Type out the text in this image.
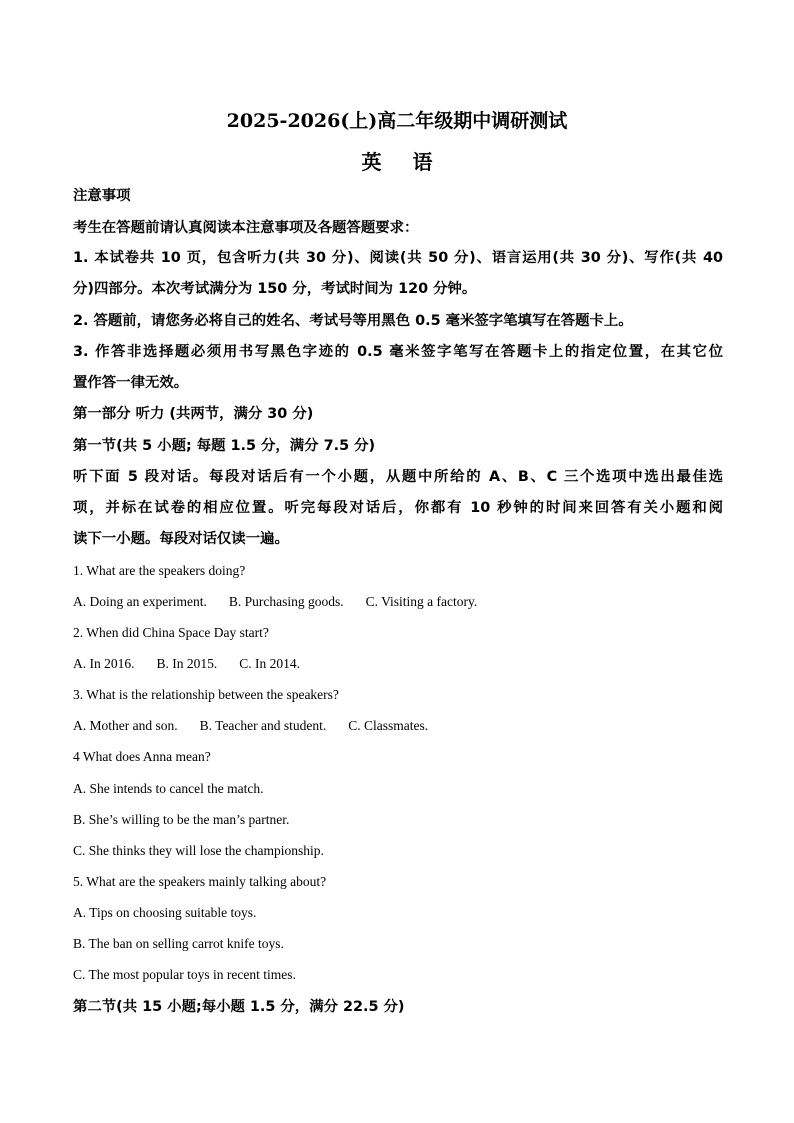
2025-2026(上)高二年级期中调研测试
英 语
注意事项
考生在答题前请认真阅读本注意事项及各题答题要求：
1. 本试卷共 10 页，包含听力(共 30 分)、阅读(共 50 分)、语言运用(共 30 分)、写作(共 40
分)四部分。本次考试满分为 150 分，考试时间为 120 分钟。
2. 答题前，请您务必将自己的姓名、考试号等用黑色 0.5 毫米签字笔填写在答题卡上。
3. 作答非选择题必须用书写黑色字迹的 0.5 毫米签字笔写在答题卡上的指定位置，在其它位
置作答一律无效。
第一部分 听力 (共两节，满分 30 分)
第一节(共 5 小题; 每题 1.5 分，满分 7.5 分)
听下面 5 段对话。每段对话后有一个小题，从题中所给的 A、B、C 三个选项中选出最佳选
项，并标在试卷的相应位置。听完每段对话后，你都有 10 秒钟的时间来回答有关小题和阅
读下一小题。每段对话仅读一遍。
1. What are the speakers doing?
A. Doing an experiment. B. Purchasing goods. C. Visiting a factory.
2. When did China Space Day start?
A. In 2016. B. In 2015. C. In 2014.
3. What is the relationship between the speakers?
A. Mother and son. B. Teacher and student. C. Classmates.
4 What does Anna mean?
A. She intends to cancel the match.
B. She’s willing to be the man’s partner.
C. She thinks they will lose the championship.
5. What are the speakers mainly talking about?
A. Tips on choosing suitable toys.
B. The ban on selling carrot knife toys.
C. The most popular toys in recent times.
第二节(共 15 小题;每小题 1.5 分，满分 22.5 分)
